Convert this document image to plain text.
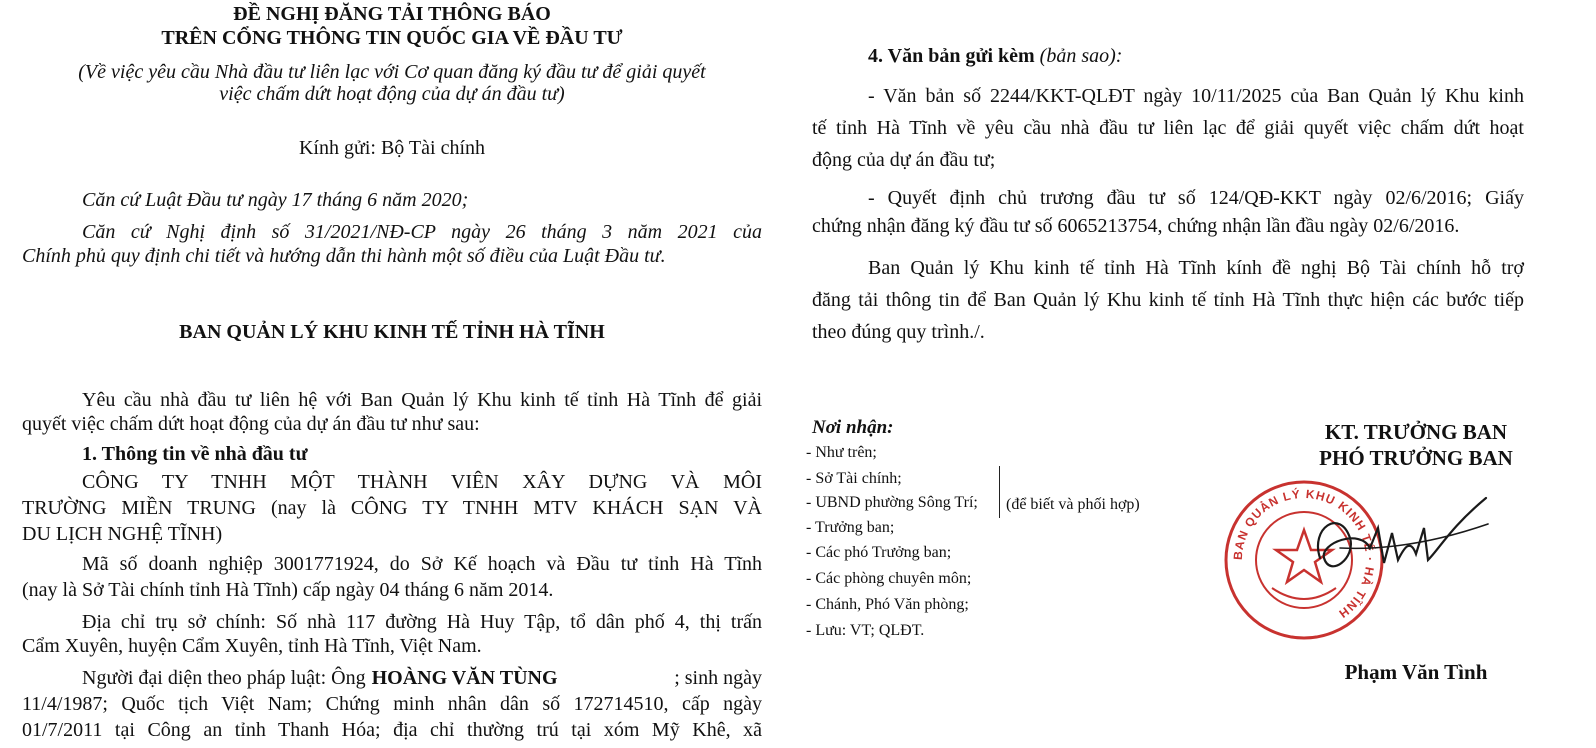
ĐỀ NGHỊ ĐĂNG TẢI THÔNG BÁO
TRÊN CỔNG THÔNG TIN QUỐC GIA VỀ ĐẦU TƯ
(Về việc yêu cầu Nhà đầu tư liên lạc với Cơ quan đăng ký đầu tư để giải quyết
việc chấm dứt hoạt động của dự án đầu tư)
Kính gửi: Bộ Tài chính
Căn cứ Luật Đầu tư ngày 17 tháng 6 năm 2020;
Căn cứ Nghị định số 31/2021/NĐ-CP ngày 26 tháng 3 năm 2021 của
Chính phủ quy định chi tiết và hướng dẫn thi hành một số điều của Luật Đầu tư.
BAN QUẢN LÝ KHU KINH TẾ TỈNH HÀ TĨNH
Yêu cầu nhà đầu tư liên hệ với Ban Quản lý Khu kinh tế tỉnh Hà Tĩnh để giải
quyết việc chấm dứt hoạt động của dự án đầu tư như sau:
1. Thông tin về nhà đầu tư
CÔNG TY TNHH MỘT THÀNH VIÊN XÂY DỰNG VÀ MÔI
TRƯỜNG MIỀN TRUNG (nay là CÔNG TY TNHH MTV KHÁCH SẠN VÀ
DU LỊCH NGHỆ TĨNH)
Mã số doanh nghiệp 3001771924, do Sở Kế hoạch và Đầu tư tỉnh Hà Tĩnh
(nay là Sở Tài chính tỉnh Hà Tĩnh) cấp ngày 04 tháng 6 năm 2014.
Địa chỉ trụ sở chính: Số nhà 117 đường Hà Huy Tập, tổ dân phố 4, thị trấn
Cẩm Xuyên, huyện Cẩm Xuyên, tỉnh Hà Tĩnh, Việt Nam.
Người đại diện theo pháp luật: Ông HOÀNG VĂN TÙNG	; sinh ngày
11/4/1987; Quốc tịch Việt Nam; Chứng minh nhân dân số 172714510, cấp ngày
01/7/2011 tại Công an tỉnh Thanh Hóa; địa chỉ thường trú tại xóm Mỹ Khê, xã
4. Văn bản gửi kèm (bản sao):
- Văn bản số 2244/KKT-QLĐT ngày 10/11/2025 của Ban Quản lý Khu kinh
tế tỉnh Hà Tĩnh về yêu cầu nhà đầu tư liên lạc để giải quyết việc chấm dứt hoạt
động của dự án đầu tư;
- Quyết định chủ trương đầu tư số 124/QĐ-KKT ngày 02/6/2016; Giấy
chứng nhận đăng ký đầu tư số 6065213754, chứng nhận lần đầu ngày 02/6/2016.
Ban Quản lý Khu kinh tế tỉnh Hà Tĩnh kính đề nghị Bộ Tài chính hỗ trợ
đăng tải thông tin để Ban Quản lý Khu kinh tế tỉnh Hà Tĩnh thực hiện các bước tiếp
theo đúng quy trình./.
Nơi nhận:
- Như trên;
- Sở Tài chính;
- UBND phường Sông Trí;
- Trưởng ban;
- Các phó Trưởng ban;
- Các phòng chuyên môn;
- Chánh, Phó Văn phòng;
- Lưu: VT; QLĐT.
(để biết và phối hợp)
KT. TRƯỞNG BAN
PHÓ TRƯỞNG BAN
BAN QUẢN LÝ KHU KINH TẾ · HÀ TĨNH
Phạm Văn Tình
